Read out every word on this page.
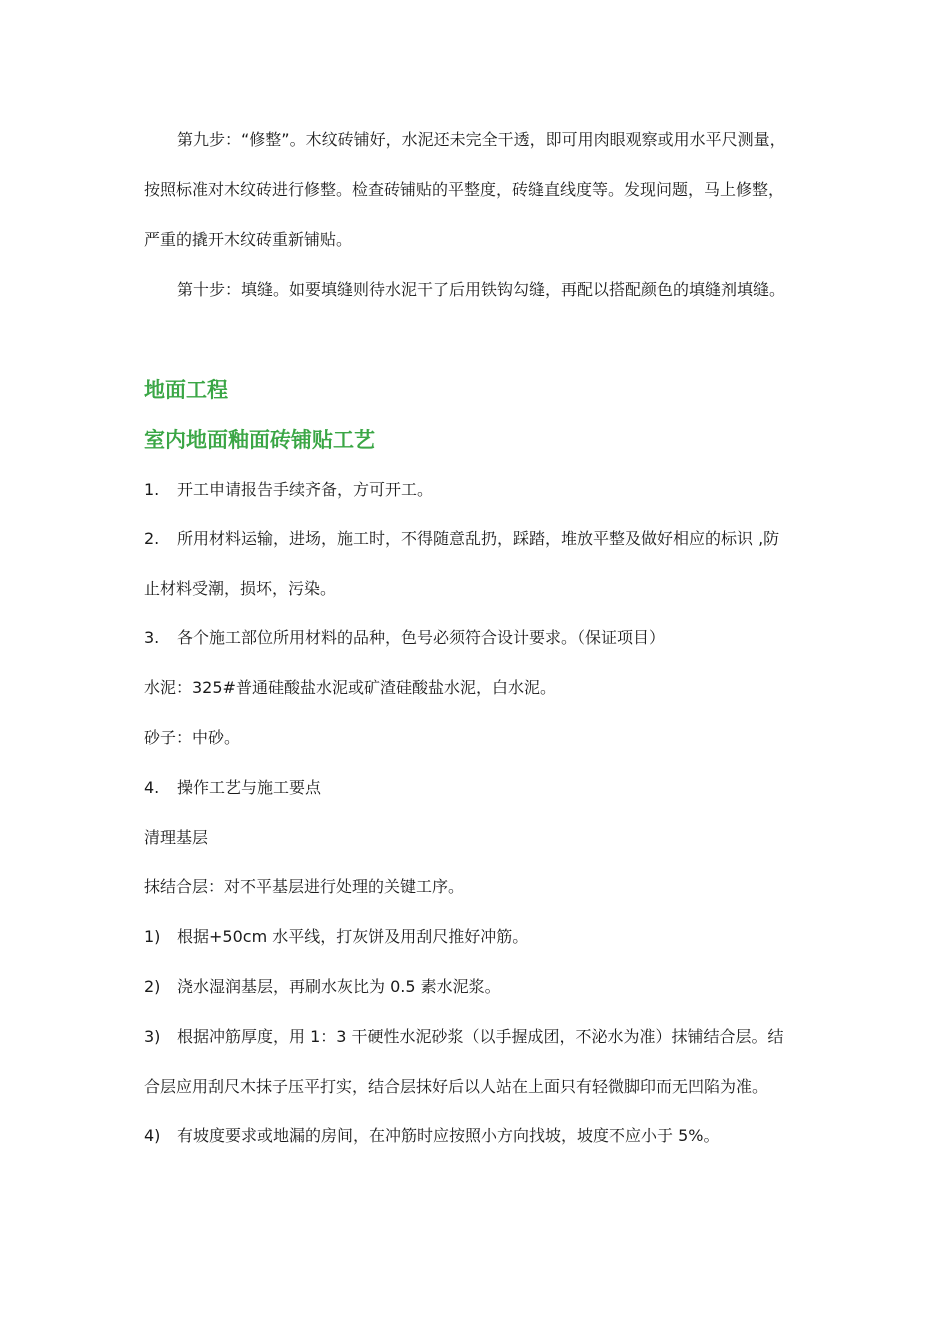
第九步：“修整”。木纹砖铺好，水泥还未完全干透，即可用肉眼观察或用水平尺测量，
按照标准对木纹砖进行修整。检查砖铺贴的平整度，砖缝直线度等。发现问题，马上修整，
严重的撬开木纹砖重新铺贴。
第十步：填缝。如要填缝则待水泥干了后用铁钩勾缝，再配以搭配颜色的填缝剂填缝。
地面工程
室内地面釉面砖铺贴工艺
1. 开工申请报告手续齐备，方可开工。
2. 所用材料运输，进场，施工时，不得随意乱扔，踩踏，堆放平整及做好相应的标识 ,防
止材料受潮，损坏，污染。
3. 各个施工部位所用材料的品种，色号必须符合设计要求。（保证项目）
水泥：325#普通硅酸盐水泥或矿渣硅酸盐水泥，白水泥。
砂子：中砂。
4. 操作工艺与施工要点
清理基层
抹结合层：对不平基层进行处理的关键工序。
1) 根据+50cm 水平线，打灰饼及用刮尺推好冲筋。
2) 浇水湿润基层，再刷水灰比为 0.5 素水泥浆。
3) 根据冲筋厚度，用 1：3 干硬性水泥砂浆（以手握成团，不泌水为准）抹铺结合层。结
合层应用刮尺木抹子压平打实，结合层抹好后以人站在上面只有轻微脚印而无凹陷为准。
4) 有坡度要求或地漏的房间，在冲筋时应按照小方向找坡，坡度不应小于 5%。
